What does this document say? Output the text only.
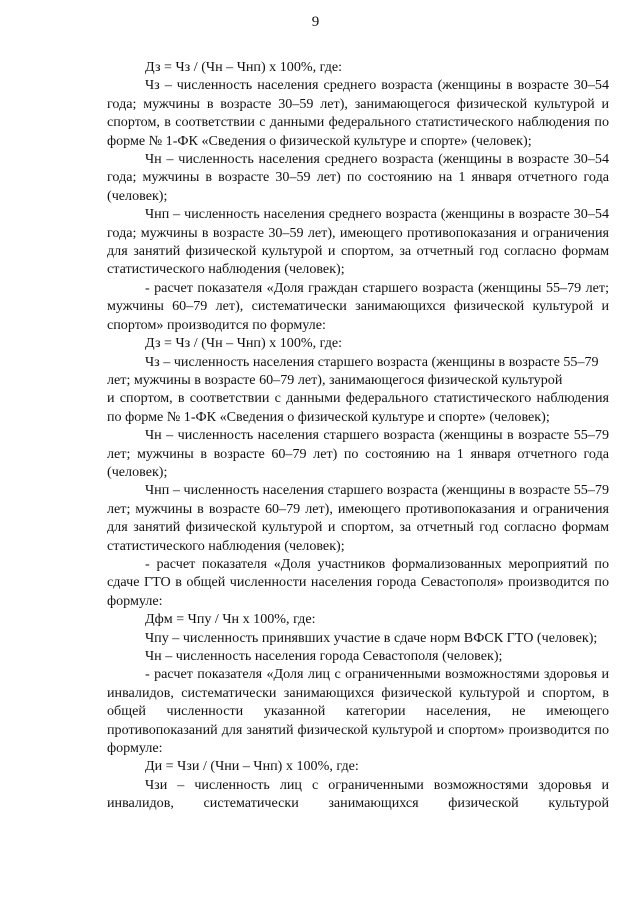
9

Дз = Чз / (Чн – Чнп) х 100%, где:

Чз – численность населения среднего возраста (женщины в возрасте 30–54 года; мужчины в возрасте 30–59 лет), занимающегося физической культурой и спортом, в соответствии с данными федерального статистического наблюдения по форме № 1-ФК «Сведения о физической культуре и спорте» (человек);

Чн – численность населения среднего возраста (женщины в возрасте 30–54 года; мужчины в возрасте 30–59 лет) по состоянию на 1 января отчетного года (человек);

Чнп – численность населения среднего возраста (женщины в возрасте 30–54 года; мужчины в возрасте 30–59 лет), имеющего противопоказания и ограничения для занятий физической культурой и спортом, за отчетный год согласно формам статистического наблюдения (человек);

- расчет показателя «Доля граждан старшего возраста (женщины 55–79 лет; мужчины 60–79 лет), систематически занимающихся физической культурой и спортом» производится по формуле:

Дз = Чз / (Чн – Чнп) х 100%, где:

Чз – численность населения старшего возраста (женщины в возрасте 55–79 лет; мужчины в возрасте 60–79 лет), занимающегося физической культурой

и спортом, в соответствии с данными федерального статистического наблюдения по форме № 1-ФК «Сведения о физической культуре и спорте» (человек);

Чн – численность населения старшего возраста (женщины в возрасте 55–79 лет; мужчины в возрасте 60–79 лет) по состоянию на 1 января отчетного года (человек);

Чнп – численность населения старшего возраста (женщины в возрасте 55–79 лет; мужчины в возрасте 60–79 лет), имеющего противопоказания и ограничения для занятий физической культурой и спортом, за отчетный год согласно формам статистического наблюдения (человек);

- расчет показателя «Доля участников формализованных мероприятий по сдаче ГТО в общей численности населения города Севастополя» производится по формуле:

Дфм = Чпу / Чн х 100%, где:

Чпу – численность принявших участие в сдаче норм ВФСК ГТО (человек);

Чн – численность населения города Севастополя (человек);

- расчет показателя «Доля лиц с ограниченными возможностями здоровья и инвалидов, систематически занимающихся физической культурой и спортом, в общей численности указанной категории населения, не имеющего противопоказаний для занятий физической культурой и спортом» производится по формуле:

Ди = Чзи / (Чни – Чнп) х 100%, где:

Чзи – численность лиц с ограниченными возможностями здоровья и инвалидов, систематически занимающихся физической культурой
